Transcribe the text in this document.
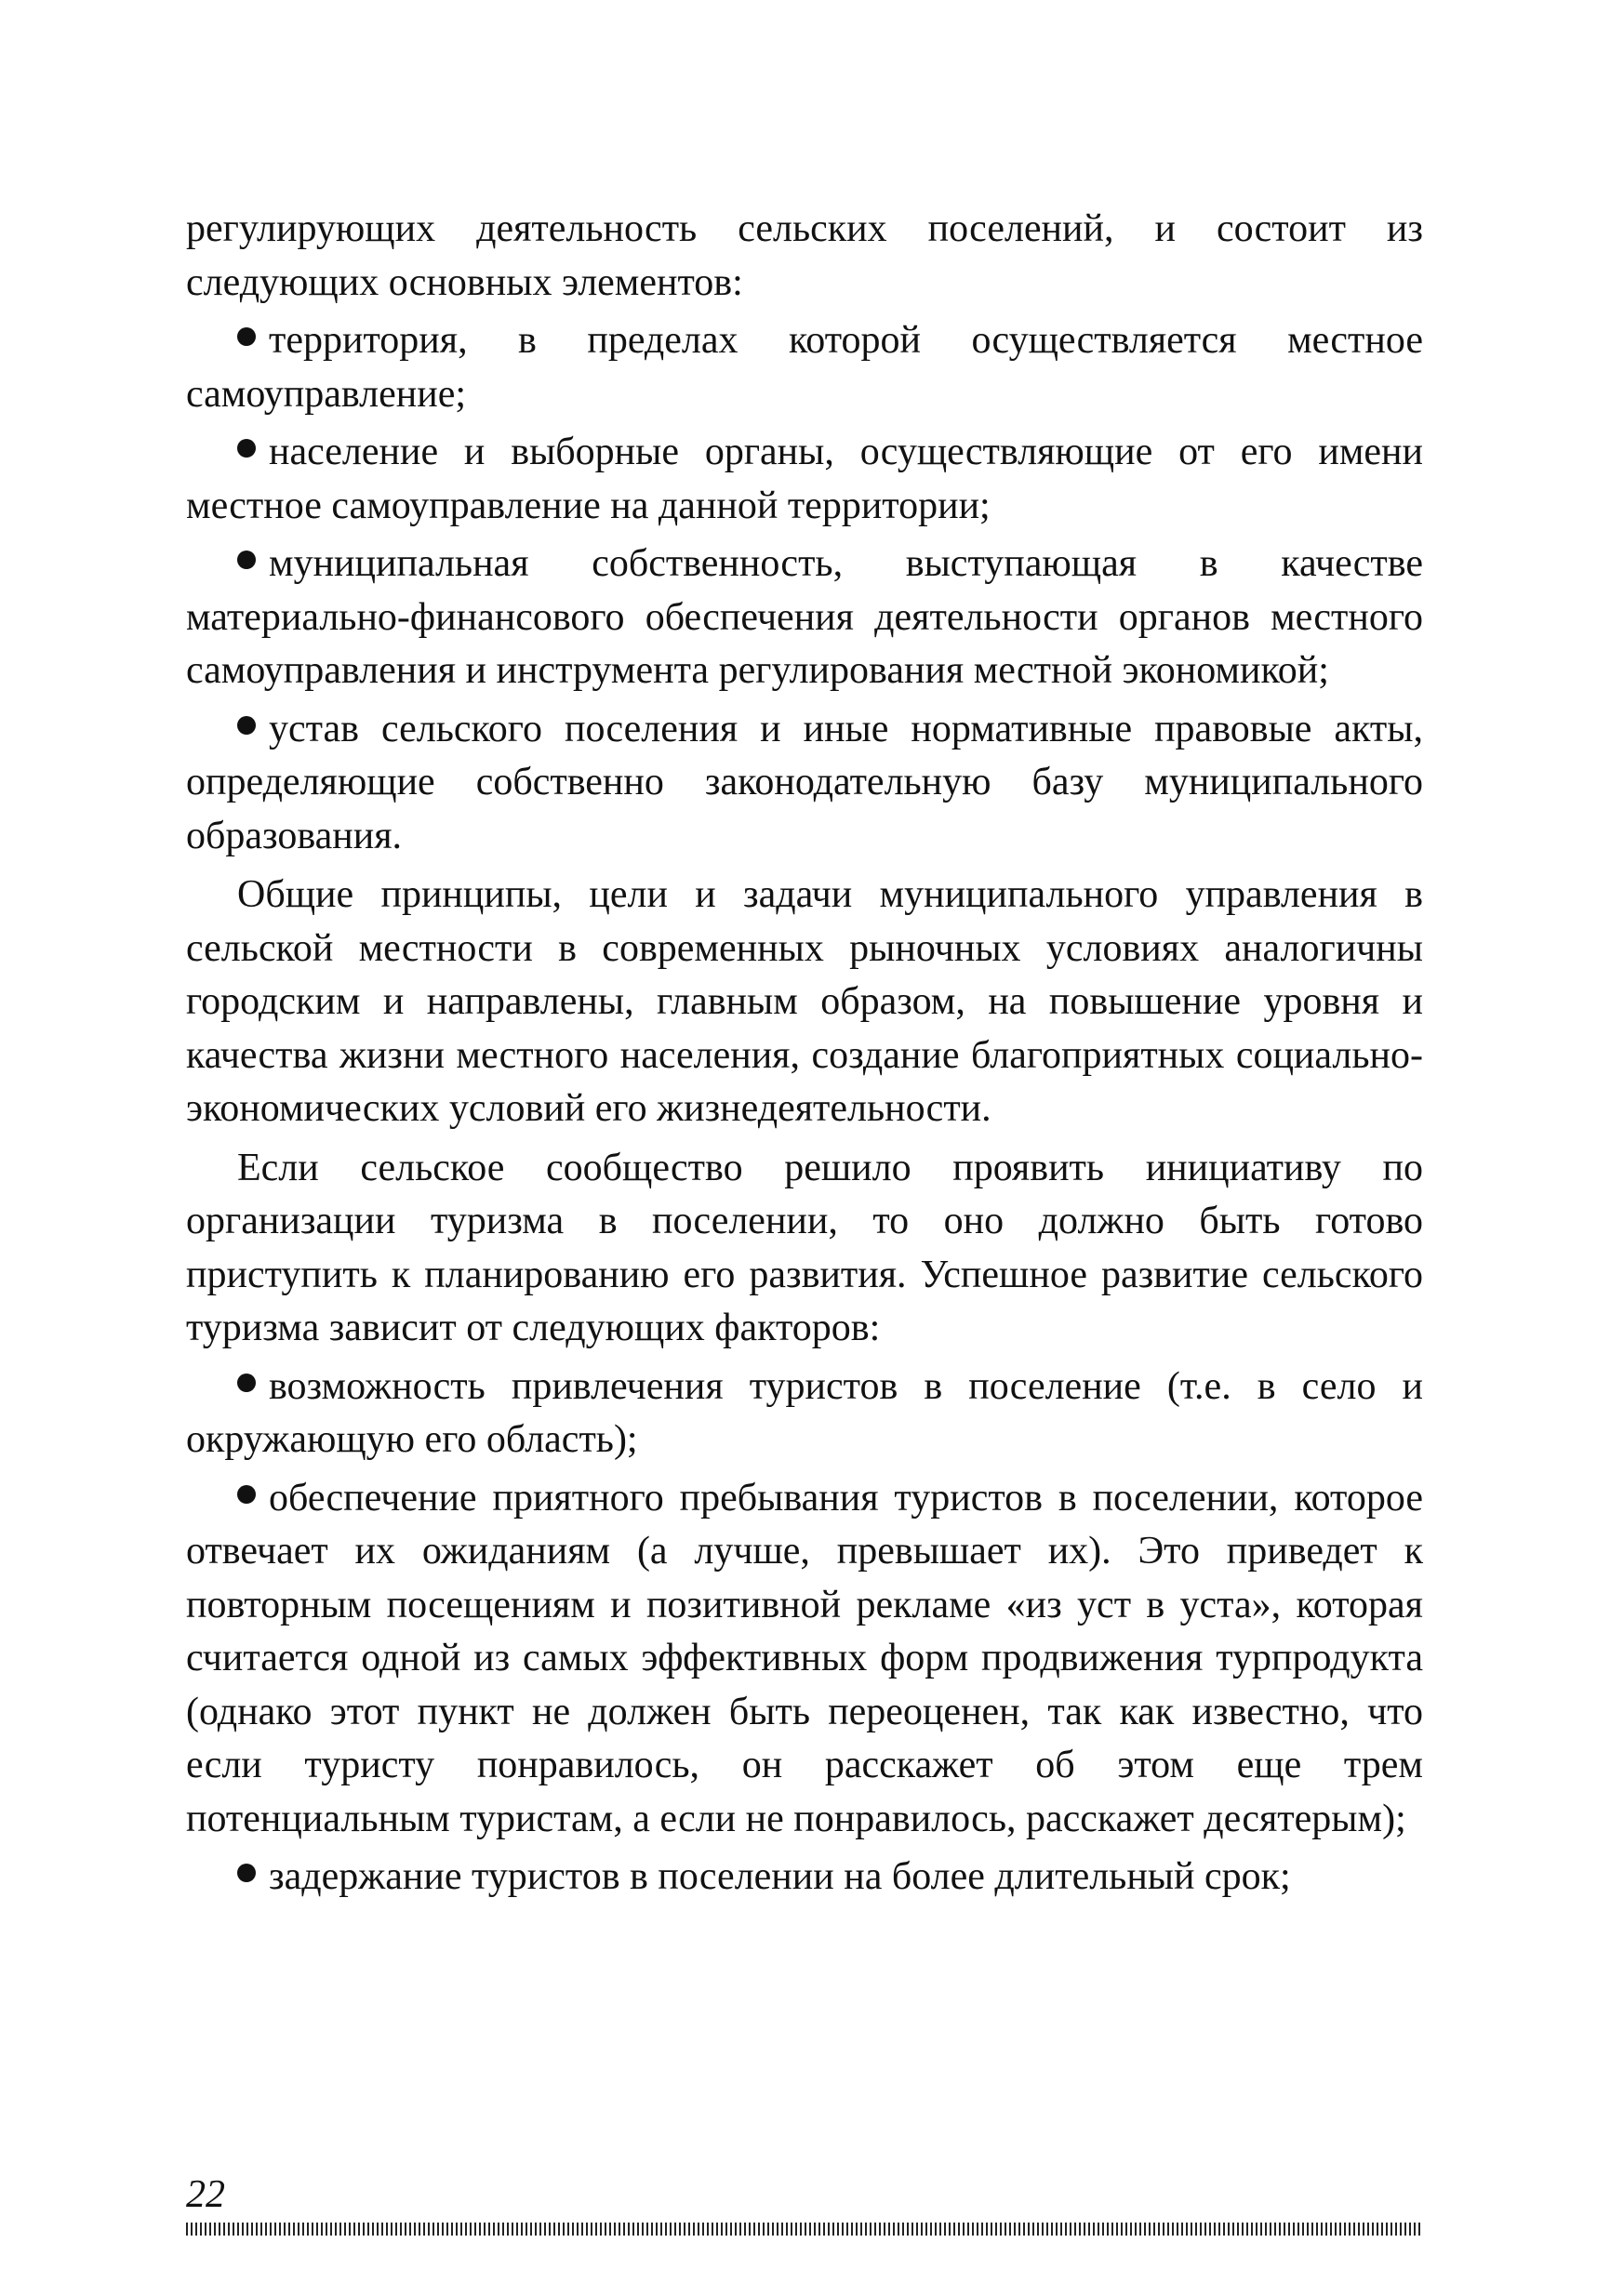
регулирующих деятельность сельских поселений, и состоит из следующих основных элементов:

территория, в пределах которой осуществляется местное самоуправление;

население и выборные органы, осуществляющие от его имени местное самоуправление на данной территории;

муниципальная собственность, выступающая в качестве материально-финансового обеспечения деятельности органов местного самоуправления и инструмента регулирования местной экономикой;

устав сельского поселения и иные нормативные правовые акты, определяющие собственно законодательную базу муниципального образования.

Общие принципы, цели и задачи муниципального управления в сельской местности в современных рыночных условиях аналогичны городским и направлены, главным образом, на повышение уровня и качества жизни местного населения, создание благоприятных социально-экономических условий его жизнедеятельности.

Если сельское сообщество решило проявить инициативу по организации туризма в поселении, то оно должно быть готово приступить к планированию его развития. Успешное развитие сельского туризма зависит от следующих факторов:

возможность привлечения туристов в поселение (т.е. в село и окружающую его область);

обеспечение приятного пребывания туристов в поселении, которое отвечает их ожиданиям (а лучше, превышает их). Это приведет к повторным посещениям и позитивной рекламе «из уст в уста», которая считается одной из самых эффективных форм продвижения турпродукта (однако этот пункт не должен быть переоценен, так как известно, что если туристу понравилось, он расскажет об этом еще трем потенциальным туристам, а если не понравилось, расскажет десятерым);

задержание туристов в поселении на более длительный срок;

22
